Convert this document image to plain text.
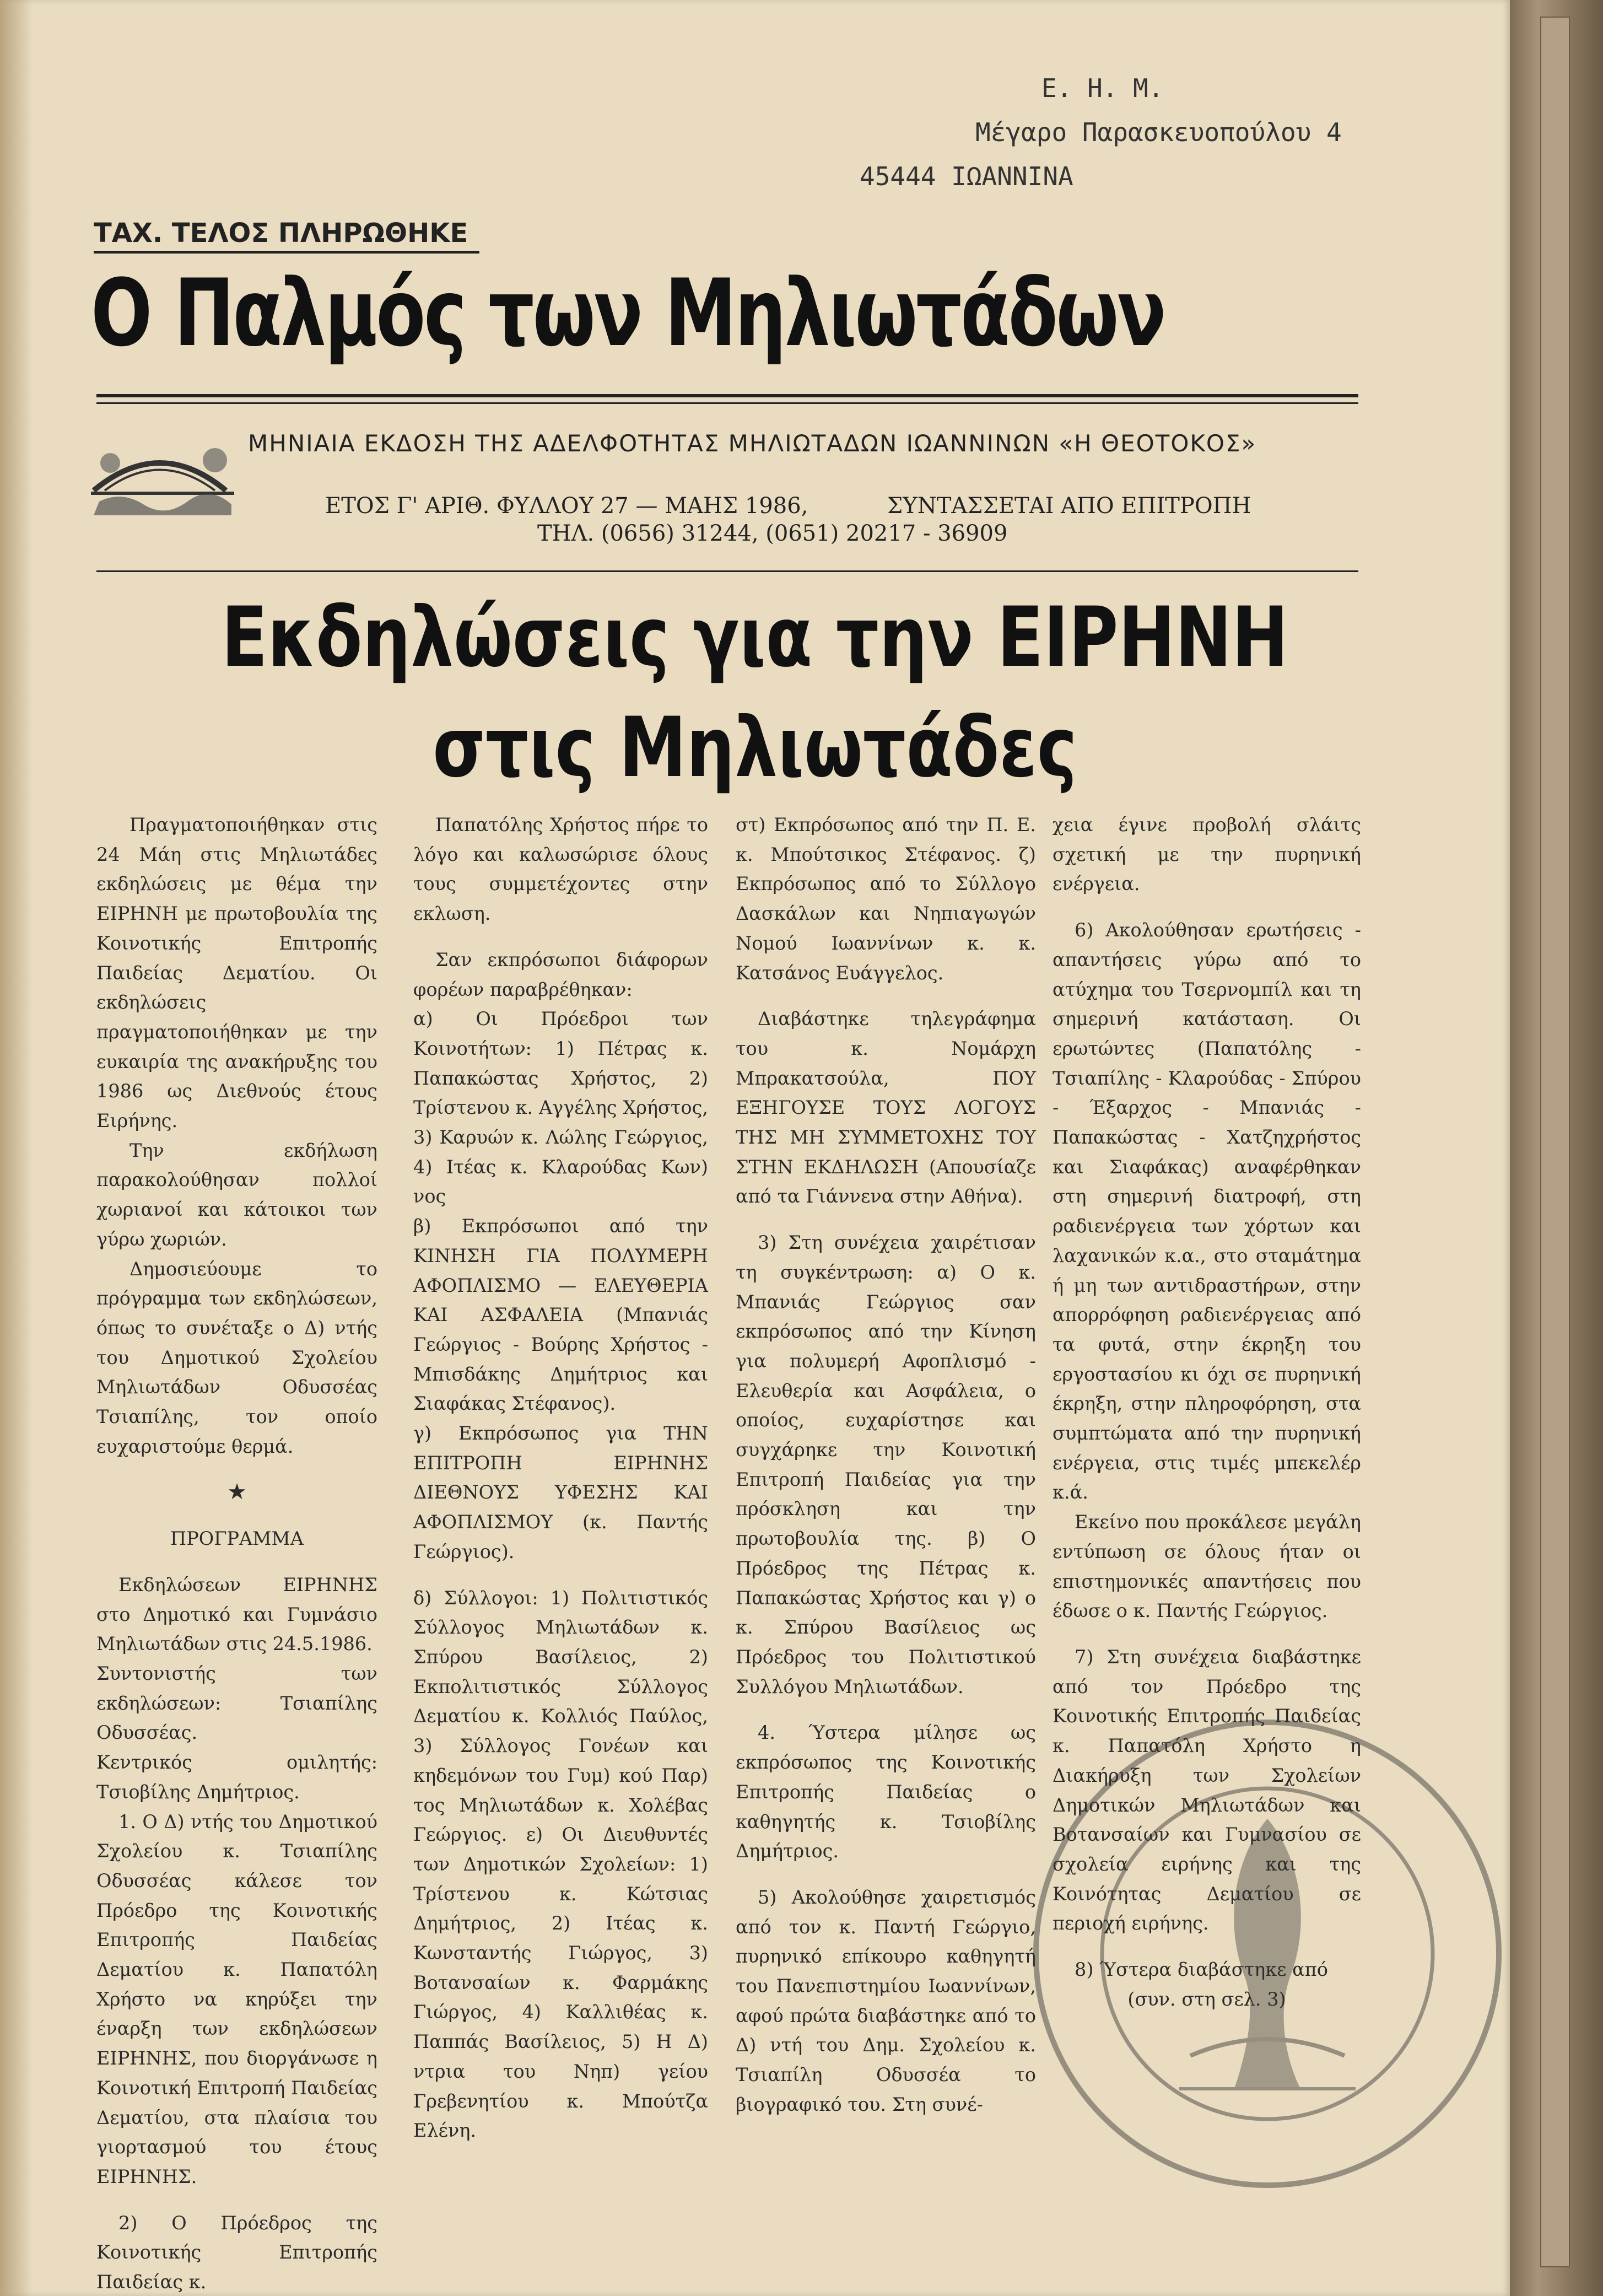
Ε. Η. Μ.
Μέγαρο Παρασκευοπούλου 4
45444 ΙΩΑΝΝΙΝΑ
ΤΑΧ. ΤΕΛΟΣ ΠΛΗΡΩΘΗΚΕ
Ο Παλμός των Μηλιωτάδων
ΜΗΝΙΑΙΑ ΕΚΔΟΣΗ ΤΗΣ ΑΔΕΛΦΟΤΗΤΑΣ ΜΗΛΙΩΤΑΔΩΝ ΙΩΑΝΝΙΝΩΝ «Η ΘΕΟΤΟΚΟΣ»
ΕΤΟΣ Γ' ΑΡΙΘ. ΦΥΛΛΟΥ 27 — ΜΑΗΣ 1986,	ΣΥΝΤΑΣΣΕΤΑΙ ΑΠΟ ΕΠΙΤΡΟΠΗ
ΤΗΛ. (0656) 31244, (0651) 20217 - 36909
Εκδηλώσεις για την ΕΙΡΗΝΗ
στις Μηλιωτάδες

Πραγματοποιήθηκαν στις 24 Μάη στις Μηλιωτάδες εκδηλώσεις με θέμα την ΕΙΡΗΝΗ με πρωτοβουλία της Κοινοτικής Επιτροπής Παιδείας Δεματίου. Οι εκδηλώσεις πραγματοποιήθηκαν με την ευκαιρία της ανακήρυξης του 1986 ως Διεθνούς έτους Ειρήνης.

Την εκδήλωση παρακολούθησαν πολλοί χωριανοί και κάτοικοι των γύρω χωριών.

Δημοσιεύουμε το πρόγραμμα των εκδηλώσεων, όπως το συνέταξε ο Δ) ντής του Δημοτικού Σχολείου Μηλιωτάδων Οδυσσέας Τσιαπίλης, τον οποίο ευχαριστούμε θερμά.

★

ΠΡΟΓΡΑΜΜΑ

Εκδηλώσεων ΕΙΡΗΝΗΣ στο Δημοτικό και Γυμνάσιο Μηλιωτάδων στις 24.5.1986.

Συντονιστής των εκδηλώσεων: Τσιαπίλης Οδυσσέας.

Κεντρικός ομιλητής: Τσιοβίλης Δημήτριος.

1. Ο Δ) ντής του Δημοτικού Σχολείου κ. Τσιαπίλης Οδυσσέας κάλεσε τον Πρόεδρο της Κοινοτικής Επιτροπής Παιδείας Δεματίου κ. Παπατόλη Χρήστο να κηρύξει την έναρξη των εκδηλώσεων ΕΙΡΗΝΗΣ, που διοργάνωσε η Κοινοτική Επιτροπή Παιδείας Δεματίου, στα πλαίσια του γιορτασμού του έτους ΕΙΡΗΝΗΣ.

2) Ο Πρόεδρος της Κοινοτικής Επιτροπής Παιδείας κ.

Παπατόλης Χρήστος πήρε το λόγο και καλωσώρισε όλους τους συμμετέχοντες στην εκλωση.

Σαν εκπρόσωποι διάφορων φορέων παραβρέθηκαν:

α) Οι Πρόεδροι των Κοινοτήτων: 1) Πέτρας κ. Παπακώστας Χρήστος, 2) Τρίστενου κ. Αγγέλης Χρήστος, 3) Καρυών κ. Λώλης Γεώργιος, 4) Ιτέας κ. Κλαρούδας Κων) νος

β) Εκπρόσωποι από την ΚΙΝΗΣΗ ΓΙΑ ΠΟΛΥΜΕΡΗ ΑΦΟΠΛΙΣΜΟ — ΕΛΕΥΘΕΡΙΑ ΚΑΙ ΑΣΦΑΛΕΙΑ (Μπανιάς Γεώργιος - Βούρης Χρήστος - Μπισδάκης Δημήτριος και Σιαφάκας Στέφανος).

γ) Εκπρόσωπος για ΤΗΝ ΕΠΙΤΡΟΠΗ ΕΙΡΗΝΗΣ ΔΙΕΘΝΟΥΣ ΥΦΕΣΗΣ ΚΑΙ ΑΦΟΠΛΙΣΜΟΥ (κ. Παντής Γεώργιος).

δ) Σύλλογοι: 1) Πολιτιστικός Σύλλογος Μηλιωτάδων κ. Σπύρου Βασίλειος, 2) Εκπολιτιστικός Σύλλογος Δεματίου κ. Κολλιός Παύλος, 3) Σύλλογος Γονέων και κηδεμόνων του Γυμ) κού Παρ) τος Μηλιωτάδων κ. Χολέβας Γεώργιος. ε) Οι Διευθυντές των Δημοτικών Σχολείων: 1) Τρίστενου κ. Κώτσιας Δημήτριος, 2) Ιτέας κ. Κωνσταντής Γιώργος, 3) Βοτανσαίων κ. Φαρμάκης Γιώργος, 4) Καλλιθέας κ. Παππάς Βασίλειος, 5) Η Δ) ντρια του Νηπ) γείου Γρεβενητίου κ. Μπούτζα Ελένη.

στ) Εκπρόσωπος από την Π. Ε. κ. Μπούτσικος Στέφανος. ζ) Εκπρόσωπος από το Σύλλογο Δασκάλων και Νηπιαγωγών Νομού Ιωαννίνων κ. κ. Κατσάνος Ευάγγελος.

Διαβάστηκε τηλεγράφημα του κ. Νομάρχη Μπρακατσούλα, ΠΟΥ ΕΞΗΓΟΥΣΕ ΤΟΥΣ ΛΟΓΟΥΣ ΤΗΣ ΜΗ ΣΥΜΜΕΤΟΧΗΣ ΤΟΥ ΣΤΗΝ ΕΚΔΗΛΩΣΗ (Απουσίαζε από τα Γιάννενα στην Αθήνα).

3) Στη συνέχεια χαιρέτισαν τη συγκέντρωση: α) Ο κ. Μπανιάς Γεώργιος σαν εκπρόσωπος από την Κίνηση για πολυμερή Αφοπλισμό - Ελευθερία και Ασφάλεια, ο οποίος, ευχαρίστησε και συγχάρηκε την Κοινοτική Επιτροπή Παιδείας για την πρόσκληση και την πρωτοβουλία της. β) Ο Πρόεδρος της Πέτρας κ. Παπακώστας Χρήστος και γ) ο κ. Σπύρου Βασίλειος ως Πρόεδρος του Πολιτιστικού Συλλόγου Μηλιωτάδων.

4. Ύστερα μίλησε ως εκπρόσωπος της Κοινοτικής Επιτροπής Παιδείας ο καθηγητής κ. Τσιοβίλης Δημήτριος.

5) Ακολούθησε χαιρετισμός από τον κ. Παντή Γεώργιο, πυρηνικό επίκουρο καθηγητή του Πανεπιστημίου Ιωαννίνων, αφού πρώτα διαβάστηκε από το Δ) ντή του Δημ. Σχολείου κ. Τσιαπίλη Οδυσσέα το βιογραφικό του. Στη συνέ-

χεια έγινε προβολή σλάιτς σχετική με την πυρηνική ενέργεια.

6) Ακολούθησαν ερωτήσεις - απαντήσεις γύρω από το ατύχημα του Τσερνομπίλ και τη σημερινή κατάσταση. Οι ερωτώντες (Παπατόλης - Τσιαπίλης - Κλαρούδας - Σπύρου - Έξαρχος - Μπανιάς - Παπακώστας - Χατζηχρήστος και Σιαφάκας) αναφέρθηκαν στη σημερινή διατροφή, στη ραδιενέργεια των χόρτων και λαχανικών κ.α., στο σταμάτημα ή μη των αντιδραστήρων, στην απορρόφηση ραδιενέργειας από τα φυτά, στην έκρηξη του εργοστασίου κι όχι σε πυρηνική έκρηξη, στην πληροφόρηση, στα συμπτώματα από την πυρηνική ενέργεια, στις τιμές μπεκελέρ κ.ά.

Εκείνο που προκάλεσε μεγάλη εντύπωση σε όλους ήταν οι επιστημονικές απαντήσεις που έδωσε ο κ. Παντής Γεώργιος.

7) Στη συνέχεια διαβάστηκε από τον Πρόεδρο της Κοινοτικής Επιτροπής Παιδείας κ. Παπατόλη Χρήστο η Διακήρυξη των Σχολείων Δημοτικών Μηλιωτάδων και Βοτανσαίων και Γυμνασίου σε σχολεία ειρήνης και της Κοινότητας Δεματίου σε περιοχή ειρήνης.

8) Ύστερα διαβάστηκε από

(συν. στη σελ. 3)
